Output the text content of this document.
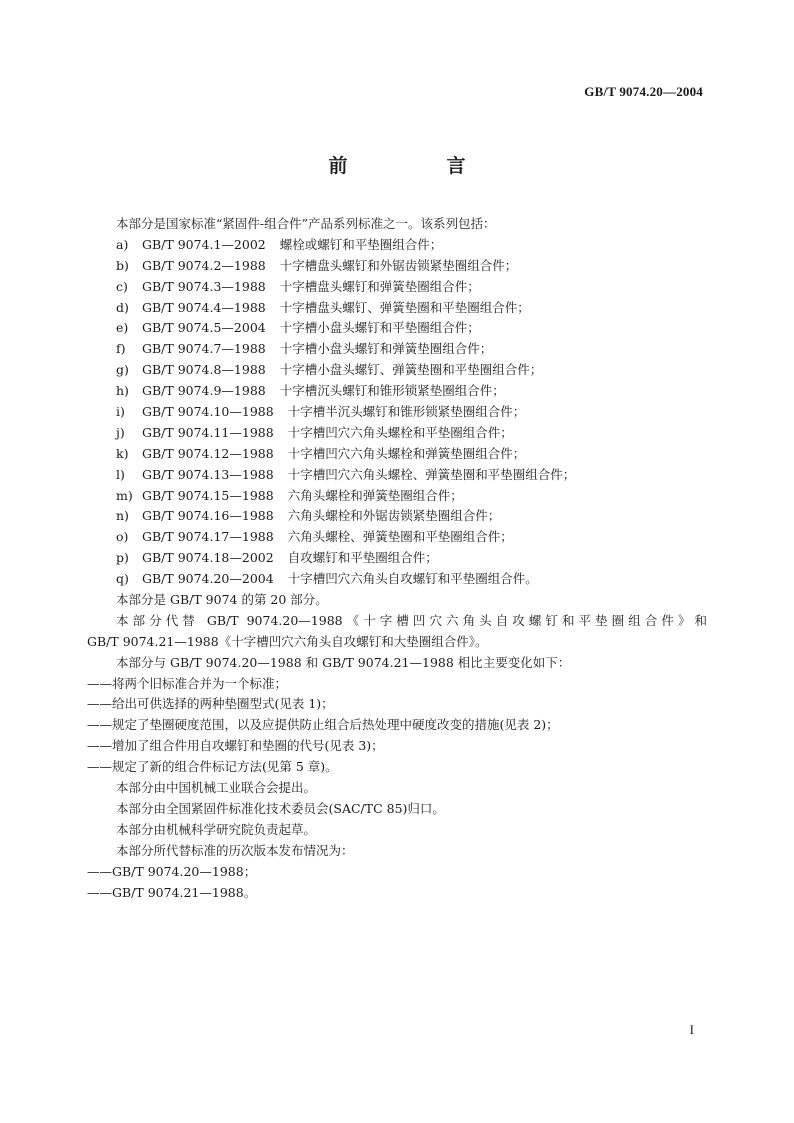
GB/T 9074.20—2004
前　言
本部分是国家标准“紧固件-组合件”产品系列标准之一。该系列包括：
a) GB/T 9074.1—2002 螺栓或螺钉和平垫圈组合件；
b) GB/T 9074.2—1988 十字槽盘头螺钉和外锯齿锁紧垫圈组合件；
c) GB/T 9074.3—1988 十字槽盘头螺钉和弹簧垫圈组合件；
d) GB/T 9074.4—1988 十字槽盘头螺钉、弹簧垫圈和平垫圈组合件；
e) GB/T 9074.5—2004 十字槽小盘头螺钉和平垫圈组合件；
f) GB/T 9074.7—1988 十字槽小盘头螺钉和弹簧垫圈组合件；
g) GB/T 9074.8—1988 十字槽小盘头螺钉、弹簧垫圈和平垫圈组合件；
h) GB/T 9074.9—1988 十字槽沉头螺钉和锥形锁紧垫圈组合件；
i) GB/T 9074.10—1988 十字槽半沉头螺钉和锥形锁紧垫圈组合件；
j) GB/T 9074.11—1988 十字槽凹穴六角头螺栓和平垫圈组合件；
k) GB/T 9074.12—1988 十字槽凹穴六角头螺栓和弹簧垫圈组合件；
l) GB/T 9074.13—1988 十字槽凹穴六角头螺栓、弹簧垫圈和平垫圈组合件；
m) GB/T 9074.15—1988 六角头螺栓和弹簧垫圈组合件；
n) GB/T 9074.16—1988 六角头螺栓和外锯齿锁紧垫圈组合件；
o) GB/T 9074.17—1988 六角头螺栓、弹簧垫圈和平垫圈组合件；
p) GB/T 9074.18—2002 自攻螺钉和平垫圈组合件；
q) GB/T 9074.20—2004 十字槽凹穴六角头自攻螺钉和平垫圈组合件。
本部分是 GB/T 9074 的第 20 部分。
本部分代替 GB/T 9074.20—1988《十字槽凹穴六角头自攻螺钉和平垫圈组合件》和
GB/T 9074.21—1988《十字槽凹穴六角头自攻螺钉和大垫圈组合件》。
本部分与 GB/T 9074.20—1988 和 GB/T 9074.21—1988 相比主要变化如下：
——将两个旧标准合并为一个标准；
——给出可供选择的两种垫圈型式(见表 1)；
——规定了垫圈硬度范围，以及应提供防止组合后热处理中硬度改变的措施(见表 2)；
——增加了组合件用自攻螺钉和垫圈的代号(见表 3)；
——规定了新的组合件标记方法(见第 5 章)。
本部分由中国机械工业联合会提出。
本部分由全国紧固件标准化技术委员会(SAC/TC 85)归口。
本部分由机械科学研究院负责起草。
本部分所代替标准的历次版本发布情况为：
——GB/T 9074.20—1988；
——GB/T 9074.21—1988。
I
